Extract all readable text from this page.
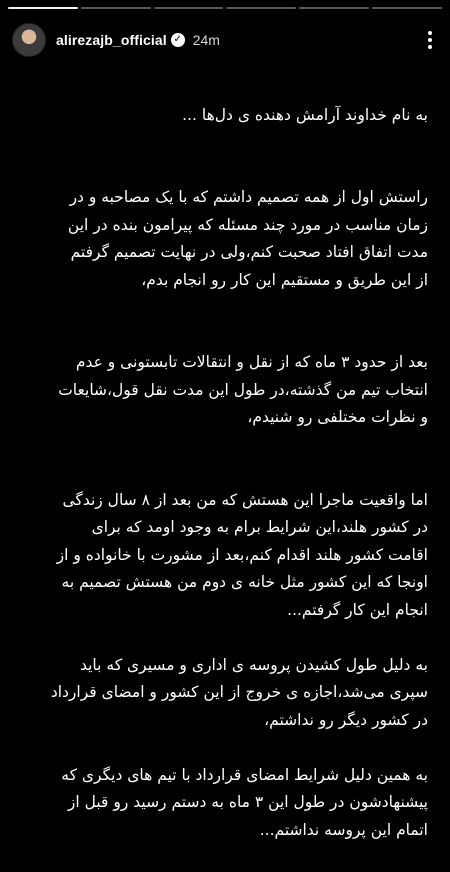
alirezajb_official ✓ 24m

به نام خداوند آرامش دهنده ی دل‌ها ...

راستش اول از همه تصمیم داشتم که با یک مصاحبه و در
زمان مناسب در مورد چند مسئله که پیرامون بنده در این
مدت اتفاق افتاد صحبت کنم،ولی در نهایت تصمیم گرفتم
از این طریق و مستقیم این کار رو انجام بدم،

بعد از حدود ۳ ماه که از نقل و انتقالات تابستونی و عدم
انتخاب تیم من گذشته،در طول این مدت نقل قول،شایعات
و نظرات مختلفی رو شنیدم،

اما واقعیت ماجرا این هستش که من بعد از ۸ سال زندگی
در کشور هلند،این شرایط برام به وجود اومد که برای
اقامت کشور هلند اقدام کنم،بعد از مشورت با خانواده و از
اونجا که این کشور مثل خانه ی دوم من هستش تصمیم به
انجام این کار گرفتم...

به دلیل طول کشیدن پروسه ی اداری و مسیری که باید
سپری می‌شد،اجازه ی خروج از این کشور و امضای قرارداد
در کشور دیگر رو نداشتم،

به همین دلیل شرایط امضای قرارداد با تیم های دیگری که
پیشنهادشون در طول این ۳ ماه به دستم رسید رو قبل از
اتمام این پروسه نداشتم...
